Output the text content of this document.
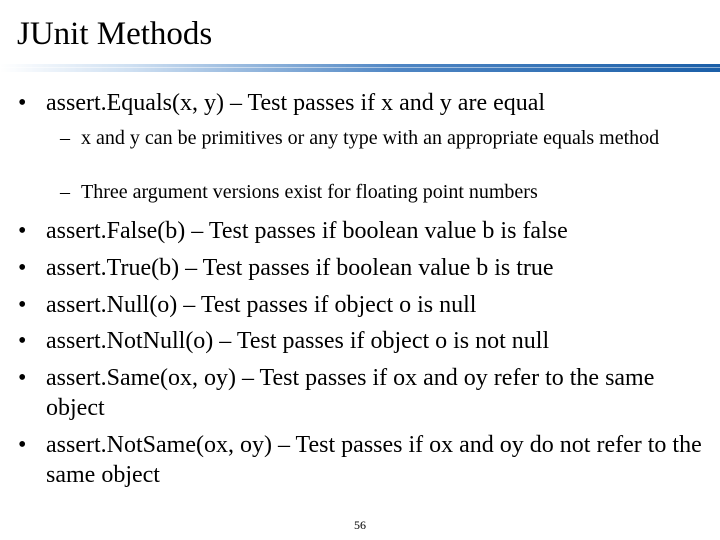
JUnit Methods
• assert.Equals(x, y) – Test passes if x and y are equal
– x and y can be primitives or any type with an appropriate equals method
– Three argument versions exist for floating point numbers
• assert.False(b) – Test passes if boolean value b is false
• assert.True(b) – Test passes if boolean value b is true
• assert.Null(o) – Test passes if object o is null
• assert.NotNull(o) – Test passes if object o is not null
• assert.Same(ox, oy) – Test passes if ox and oy refer to the same object
• assert.NotSame(ox, oy) – Test passes if ox and oy do not refer to the same object
56
